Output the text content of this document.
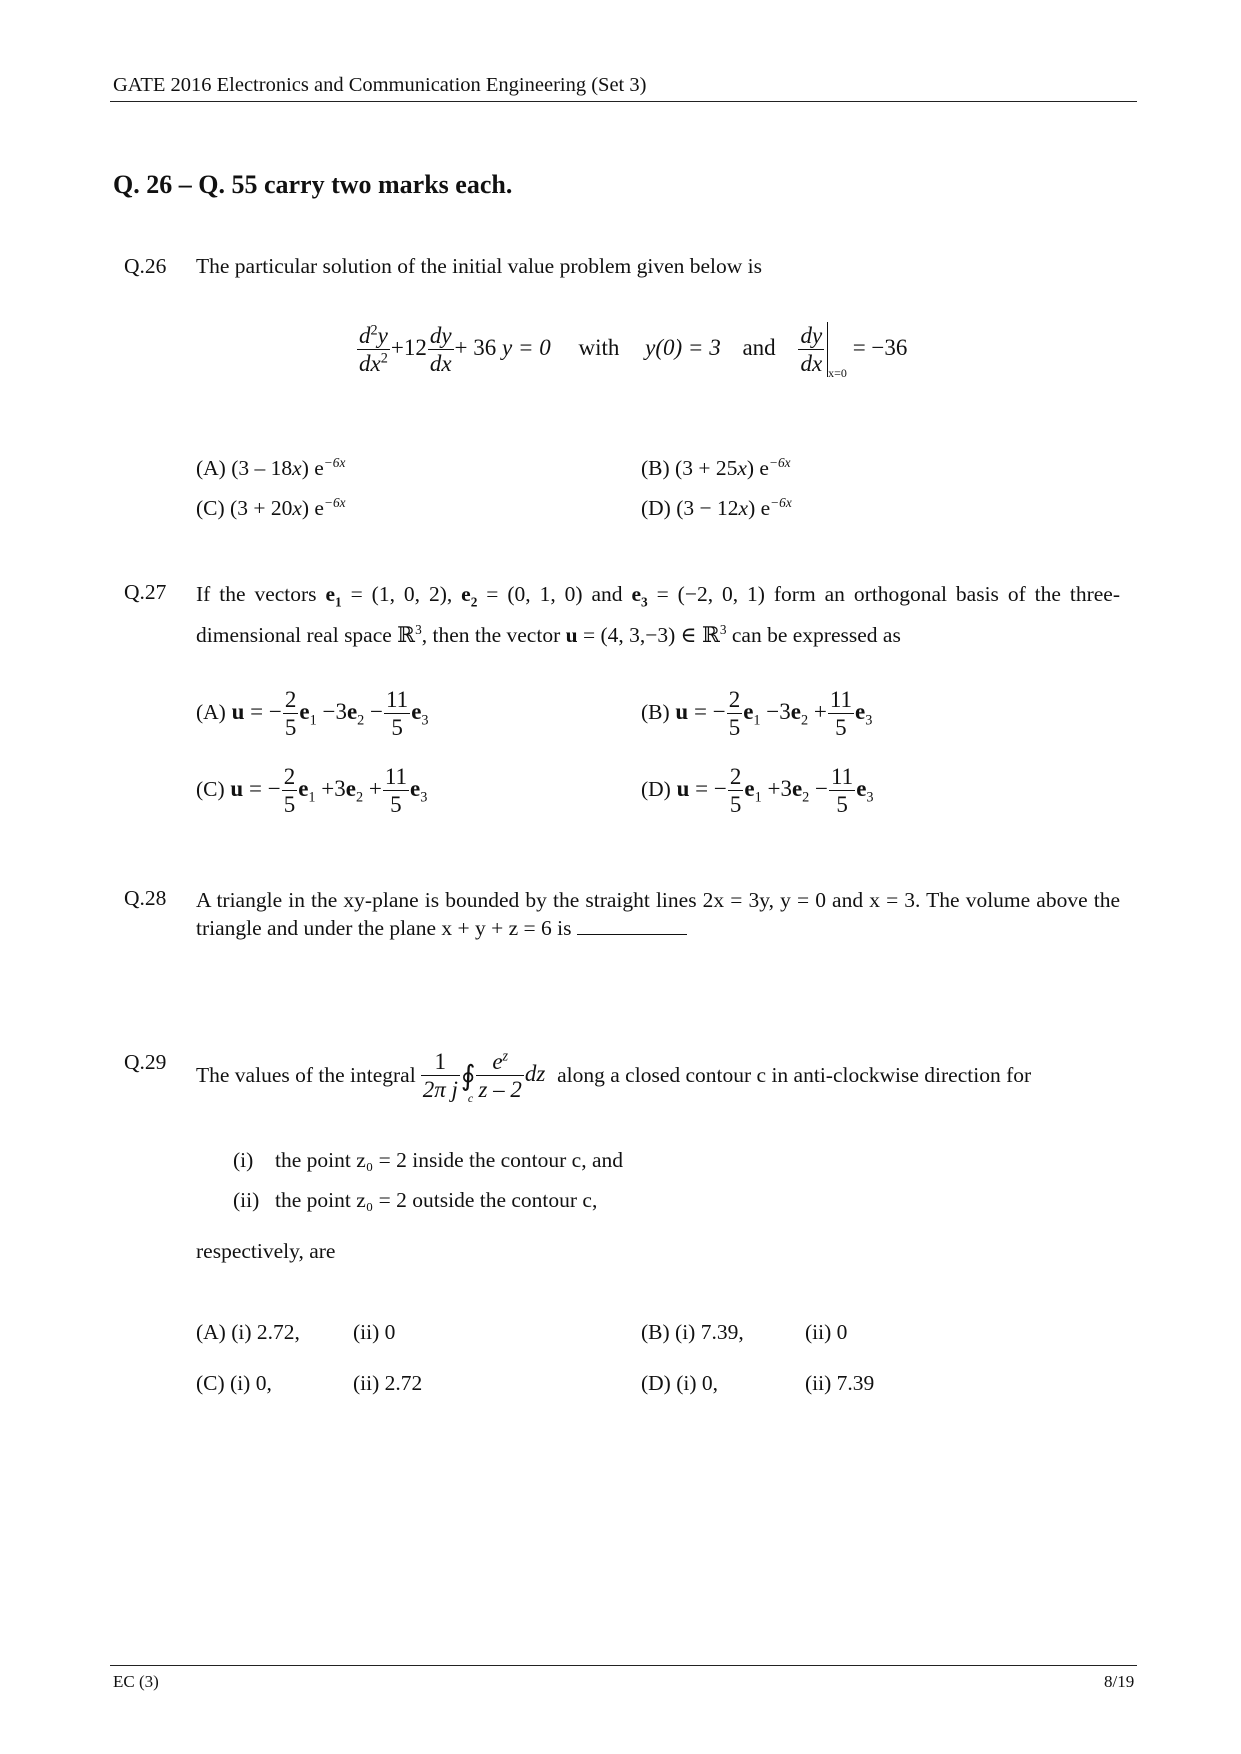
GATE 2016 Electronics and Communication Engineering (Set 3)
Q. 26 – Q. 55 carry two marks each.
Q.26 The particular solution of the initial value problem given below is
$\frac{d^2y}{dx^2} +12 \frac{dy}{dx} + 36$ y = 0 with y(0) = 3 and $\frac{dy}{dx} _{x=0} = -36$
(A) (3 – 18x) $e^{-6x}$	(B) (3 + 25x) $e^{-6x}$
(C) (3 + 20x) $e^{-6x}$	(D) (3 − 12x) $e^{-6x}$
Q.27 If the vectors $e_1 = (1$, 0, 2), $e_2 = (0$, 1, 0) and $e_3 = (-2$, 0, 1) form an orthogonal basis of the three-dimensional real space ℝ$^3$, then the vector u = (4, 3,−3) ∈ ℝ$^3$ can be expressed as
(A) u = − $\frac{2}{5} e_1 -3e_2 - \frac{11}{5} e_3$	(B) u = − $\frac{2}{5} e_1 -3e_2 + \frac{11}{5} e_3$
(C) u = − $\frac{2}{5} e_1 +3e_2 + \frac{11}{5} e_3$	(D) u = − $\frac{2}{5} e_1 +3e_2 - \frac{11}{5} e_3$
Q.28 A triangle in the xy-plane is bounded by the straight lines 2x = 3y, y = 0 and x = 3. The volume above the triangle and under the plane x + y + z = 6 is
Q.29
The values of the integral $\frac{1}{\text{2π j}}$ ∮
c $\frac{e^z}{z - 2}$ dz along a closed contour c in anti-clockwise direction for
(i) the point z₀ = 2 inside the contour c, and
(ii) the point z₀ = 2 outside the contour c,
respectively, are
(A) (i) 2.72, (ii) 0	(B) (i) 7.39,	(ii) 0
(C) (i) 0,	(ii) 2.72	(D) (i) 0,	(ii) 7.39
EC (3)	8/19
